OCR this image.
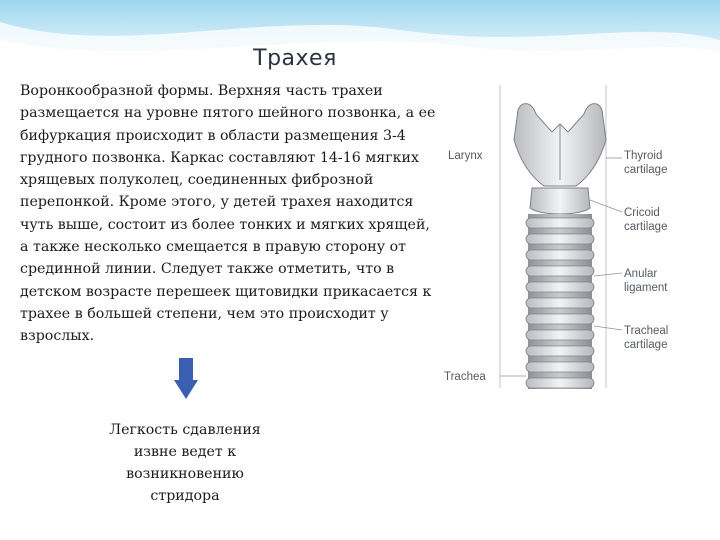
Трахея

Воронкообразной формы. Верхняя часть трахеи размещается на уровне пятого шейного позвонка, а ее бифуркация происходит в области размещения 3-4 грудного позвонка. Каркас составляют 14-16 мягких хрящевых полуколец, соединенных фиброзной перепонкой. Кроме этого, у детей трахея находится чуть выше, состоит из более тонких и мягких хрящей, а также несколько смещается в правую сторону от срединной линии. Следует также отметить, что в детском возрасте перешеек щитовидки прикасается к трахее в большей степени, чем это происходит у взрослых.

Легкость сдавления извне ведет к возникновению стридора

Larynx	Thyroid
cartilage
Cricoid
cartilage
Anular
ligament
Tracheal
cartilage
Trachea
